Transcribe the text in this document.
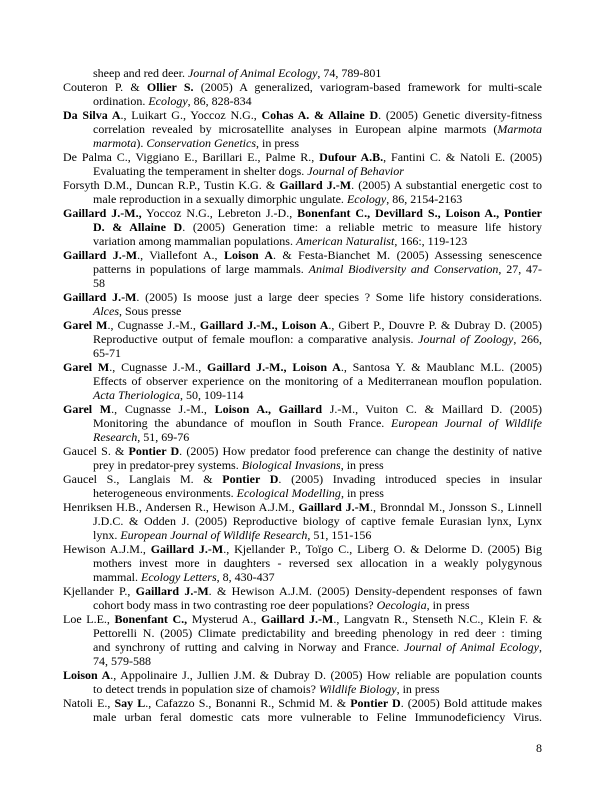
sheep and red deer. Journal of Animal Ecology, 74, 789-801
Couteron P. & Ollier S. (2005) A generalized, variogram-based framework for multi-scale
ordination. Ecology, 86, 828-834
Da Silva A., Luikart G., Yoccoz N.G., Cohas A. & Allaine D. (2005) Genetic diversity-fitness
correlation revealed by microsatellite analyses in European alpine marmots (Marmota
marmota). Conservation Genetics, in press
De Palma C., Viggiano E., Barillari E., Palme R., Dufour A.B., Fantini C. & Natoli E. (2005)
Evaluating the temperament in shelter dogs. Journal of Behavior
Forsyth D.M., Duncan R.P., Tustin K.G. & Gaillard J.-M. (2005) A substantial energetic cost to
male reproduction in a sexually dimorphic ungulate. Ecology, 86, 2154-2163
Gaillard J.-M., Yoccoz N.G., Lebreton J.-D., Bonenfant C., Devillard S., Loison A., Pontier
D. & Allaine D. (2005) Generation time: a reliable metric to measure life history
variation among mammalian populations. American Naturalist, 166:, 119-123
Gaillard J.-M., Viallefont A., Loison A. & Festa-Bianchet M. (2005) Assessing senescence
patterns in populations of large mammals. Animal Biodiversity and Conservation, 27, 47-
58
Gaillard J.-M. (2005) Is moose just a large deer species ? Some life history considerations.
Alces, Sous presse
Garel M., Cugnasse J.-M., Gaillard J.-M., Loison A., Gibert P., Douvre P. & Dubray D. (2005)
Reproductive output of female mouflon: a comparative analysis. Journal of Zoology, 266,
65-71
Garel M., Cugnasse J.-M., Gaillard J.-M., Loison A., Santosa Y. & Maublanc M.L. (2005)
Effects of observer experience on the monitoring of a Mediterranean mouflon population.
Acta Theriologica, 50, 109-114
Garel M., Cugnasse J.-M., Loison A., Gaillard J.-M., Vuiton C. & Maillard D. (2005)
Monitoring the abundance of mouflon in South France. European Journal of Wildlife
Research, 51, 69-76
Gaucel S. & Pontier D. (2005) How predator food preference can change the destinity of native
prey in predator-prey systems. Biological Invasions, in press
Gaucel S., Langlais M. & Pontier D. (2005) Invading introduced species in insular
heterogeneous environments. Ecological Modelling, in press
Henriksen H.B., Andersen R., Hewison A.J.M., Gaillard J.-M., Bronndal M., Jonsson S., Linnell
J.D.C. & Odden J. (2005) Reproductive biology of captive female Eurasian lynx, Lynx
lynx. European Journal of Wildlife Research, 51, 151-156
Hewison A.J.M., Gaillard J.-M., Kjellander P., Toïgo C., Liberg O. & Delorme D. (2005) Big
mothers invest more in daughters - reversed sex allocation in a weakly polygynous
mammal. Ecology Letters, 8, 430-437
Kjellander P., Gaillard J.-M. & Hewison A.J.M. (2005) Density-dependent responses of fawn
cohort body mass in two contrasting roe deer populations? Oecologia, in press
Loe L.E., Bonenfant C., Mysterud A., Gaillard J.-M., Langvatn R., Stenseth N.C., Klein F. &
Pettorelli N. (2005) Climate predictability and breeding phenology in red deer : timing
and synchrony of rutting and calving in Norway and France. Journal of Animal Ecology,
74, 579-588
Loison A., Appolinaire J., Jullien J.M. & Dubray D. (2005) How reliable are population counts
to detect trends in population size of chamois? Wildlife Biology, in press
Natoli E., Say L., Cafazzo S., Bonanni R., Schmid M. & Pontier D. (2005) Bold attitude makes
male urban feral domestic cats more vulnerable to Feline Immunodeficiency Virus.
8
